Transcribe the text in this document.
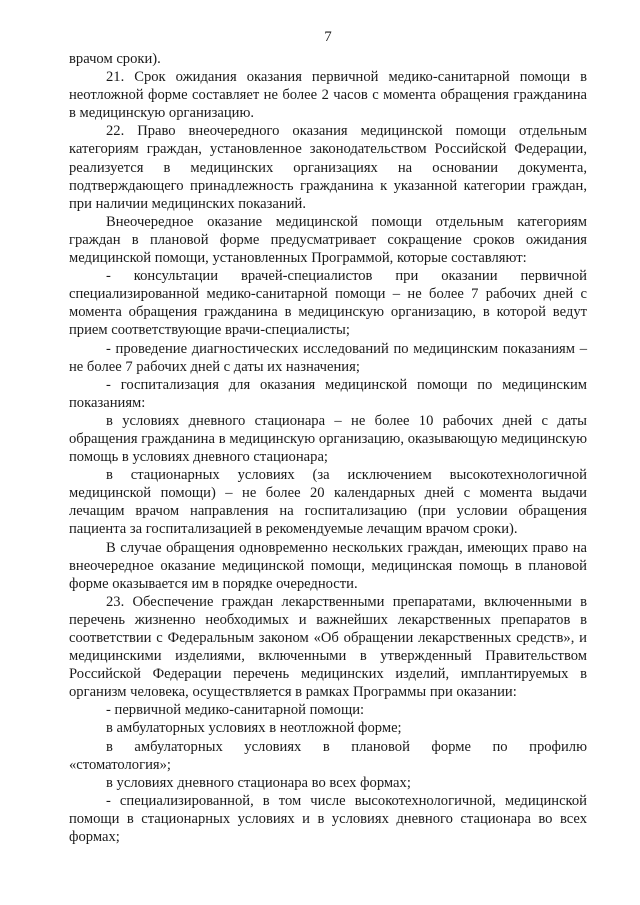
7

врачом сроки).

21. Срок ожидания оказания первичной медико-санитарной помощи в неотложной форме составляет не более 2 часов с момента обращения гражданина в медицинскую организацию.

22. Право внеочередного оказания медицинской помощи отдельным категориям граждан, установленное законодательством Российской Федерации, реализуется в медицинских организациях на основании документа, подтверждающего принадлежность гражданина к указанной категории граждан, при наличии медицинских показаний.

Внеочередное оказание медицинской помощи отдельным категориям граждан в плановой форме предусматривает сокращение сроков ожидания медицинской помощи, установленных Программой, которые составляют:

- консультации врачей-специалистов при оказании первичной специализированной медико-санитарной помощи – не более 7 рабочих дней с момента обращения гражданина в медицинскую организацию, в которой ведут прием соответствующие врачи-специалисты;

- проведение диагностических исследований по медицинским показаниям – не более 7 рабочих дней с даты их назначения;

- госпитализация для оказания медицинской помощи по медицинским показаниям:

в условиях дневного стационара – не более 10 рабочих дней с даты обращения гражданина в медицинскую организацию, оказывающую медицинскую помощь в условиях дневного стационара;

в стационарных условиях (за исключением высокотехнологичной медицинской помощи) – не более 20 календарных дней с момента выдачи лечащим врачом направления на госпитализацию (при условии обращения пациента за госпитализацией в рекомендуемые лечащим врачом сроки).

В случае обращения одновременно нескольких граждан, имеющих право на внеочередное оказание медицинской помощи, медицинская помощь в плановой форме оказывается им в порядке очередности.

23. Обеспечение граждан лекарственными препаратами, включенными в перечень жизненно необходимых и важнейших лекарственных препаратов в соответствии с Федеральным законом «Об обращении лекарственных средств», и медицинскими изделиями, включенными в утвержденный Правительством Российской Федерации перечень медицинских изделий, имплантируемых в организм человека, осуществляется в рамках Программы при оказании:

- первичной медико-санитарной помощи:

в амбулаторных условиях в неотложной форме;

в амбулаторных условиях в плановой форме по профилю

«стоматология»;

в условиях дневного стационара во всех формах;

- специализированной, в том числе высокотехнологичной, медицинской помощи в стационарных условиях и в условиях дневного стационара во всех формах;
